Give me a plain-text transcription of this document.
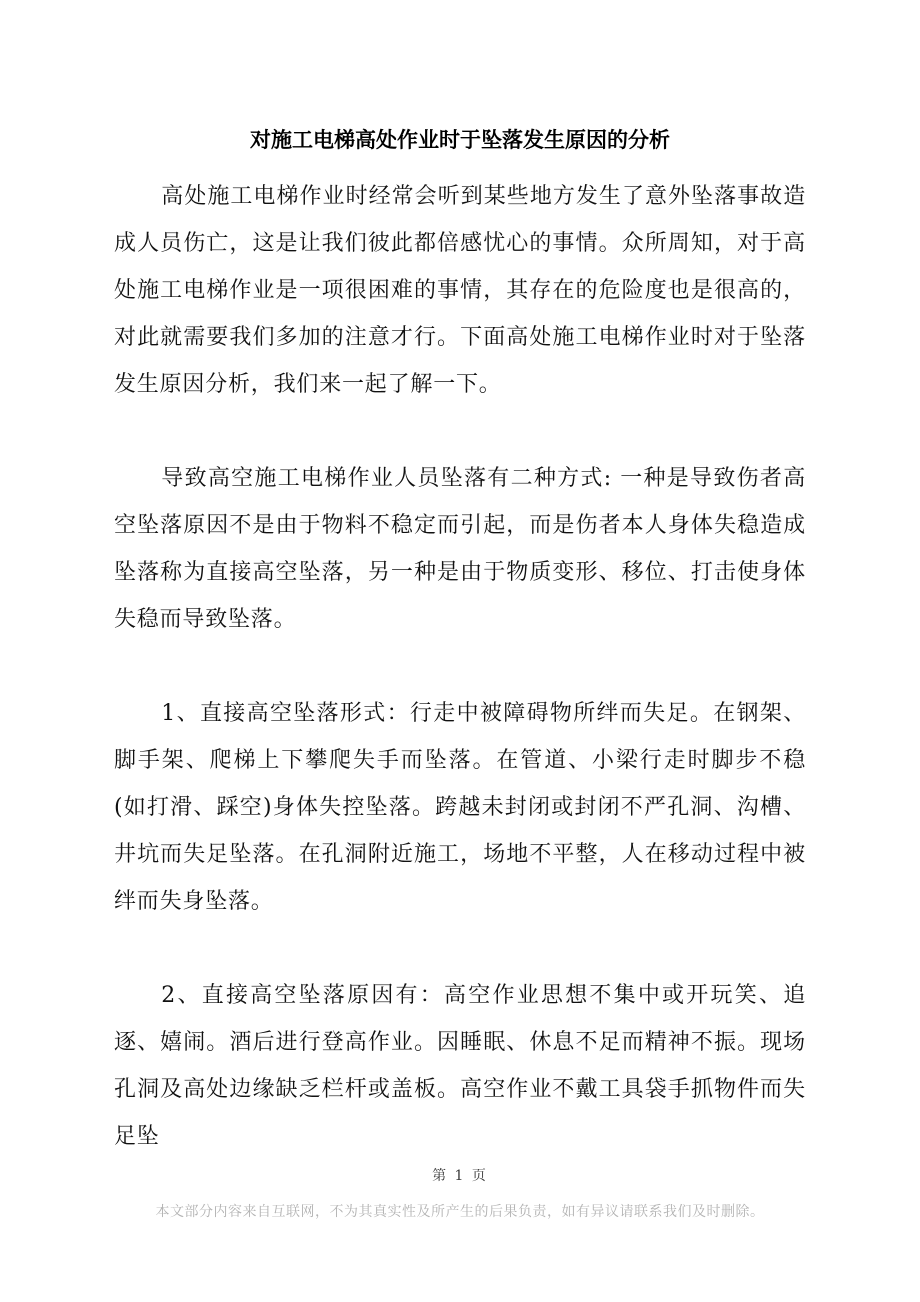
对施工电梯高处作业时于坠落发生原因的分析

高处施工电梯作业时经常会听到某些地方发生了意外坠落事故造成人员伤亡，这是让我们彼此都倍感忧心的事情。众所周知，对于高处施工电梯作业是一项很困难的事情，其存在的危险度也是很高的，对此就需要我们多加的注意才行。下面高处施工电梯作业时对于坠落发生原因分析，我们来一起了解一下。

导致高空施工电梯作业人员坠落有二种方式: 一种是导致伤者高空坠落原因不是由于物料不稳定而引起，而是伤者本人身体失稳造成坠落称为直接高空坠落，另一种是由于物质变形、移位、打击使身体失稳而导致坠落。

1、直接高空坠落形式：行走中被障碍物所绊而失足。在钢架、脚手架、爬梯上下攀爬失手而坠落。在管道、小梁行走时脚步不稳(如打滑、踩空)身体失控坠落。跨越未封闭或封闭不严孔洞、沟槽、井坑而失足坠落。在孔洞附近施工，场地不平整，人在移动过程中被绊而失身坠落。

2、直接高空坠落原因有：高空作业思想不集中或开玩笑、追逐、嬉闹。酒后进行登高作业。因睡眠、休息不足而精神不振。现场孔洞及高处边缘缺乏栏杆或盖板。高空作业不戴工具袋手抓物件而失足坠

第 1 页
本文部分内容来自互联网，不为其真实性及所产生的后果负责，如有异议请联系我们及时删除。
